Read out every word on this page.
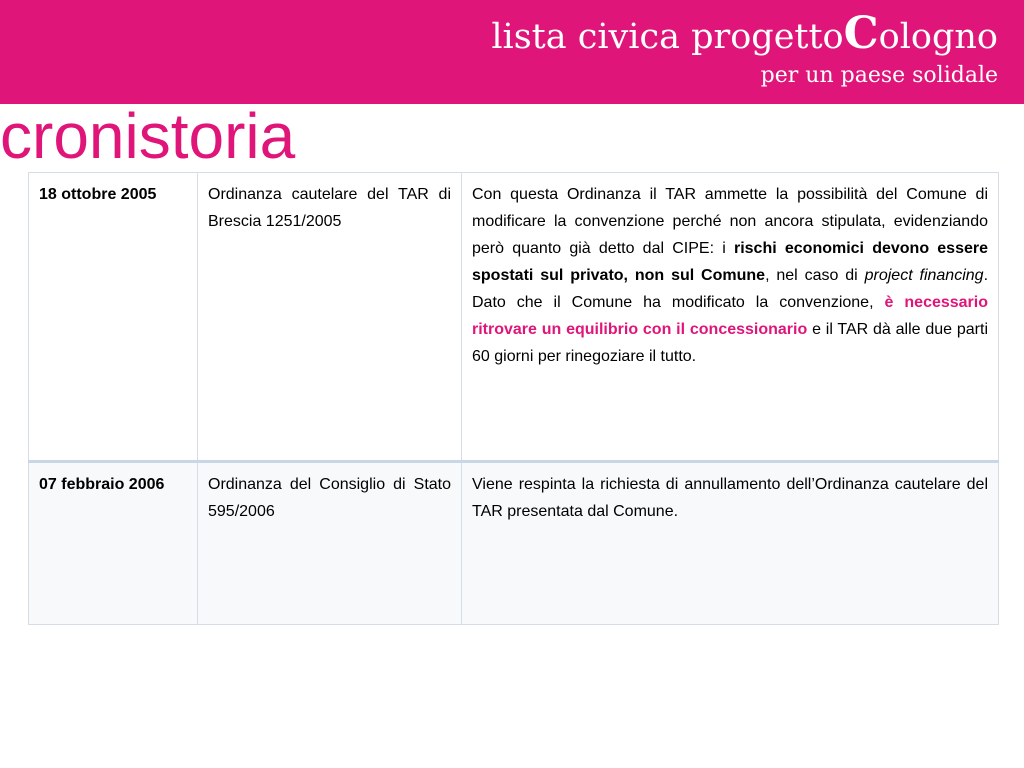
lista civica progettoCologno
per un paese solidale
cronistoria
18 ottobre 2005	Ordinanza cautelare del TAR di Brescia 1251/2005	Con questa Ordinanza il TAR ammette la possibilità del Comune di modificare la convenzione perché non ancora stipulata, evidenziando però quanto già detto dal CIPE: i rischi economici devono essere spostati sul privato, non sul Comune, nel caso di project financing. Dato che il Comune ha modificato la convenzione, è necessario ritrovare un equilibrio con il concessionario e il TAR dà alle due parti 60 giorni per rinegoziare il tutto.
07 febbraio 2006	Ordinanza del Consiglio di Stato 595/2006	Viene respinta la richiesta di annullamento dell’Ordinanza cautelare del TAR presentata dal Comune.
